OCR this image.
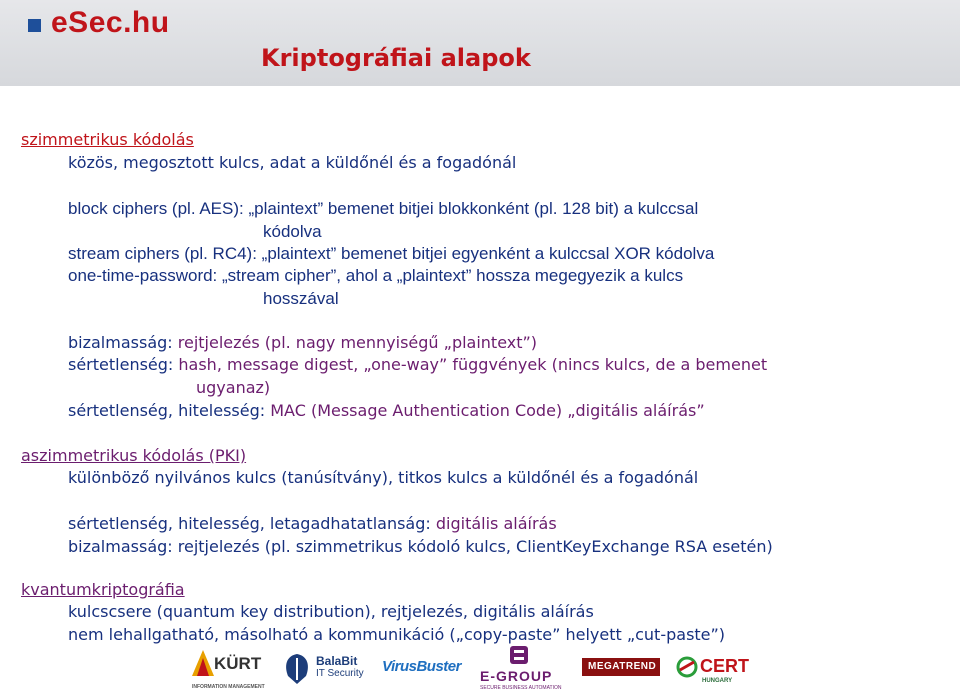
eSec.hu
Kriptográfiai alapok
szimmetrikus kódolás
közös, megosztott kulcs, adat a küldőnél és a fogadónál
block ciphers (pl. AES): „plaintext” bemenet bitjei blokkonként (pl. 128 bit) a kulccsal
kódolva
stream ciphers (pl. RC4): „plaintext” bemenet bitjei egyenként a kulccsal XOR kódolva
one-time-password: „stream cipher”, ahol a „plaintext” hossza megegyezik a kulcs
hosszával
bizalmasság: rejtjelezés (pl. nagy mennyiségű „plaintext”)
sértetlenség: hash, message digest, „one-way” függvények (nincs kulcs, de a bemenet
ugyanaz)
sértetlenség, hitelesség: MAC (Message Authentication Code) „digitális aláírás”
aszimmetrikus kódolás (PKI)
különböző nyilvános kulcs (tanúsítvány), titkos kulcs a küldőnél és a fogadónál
sértetlenség, hitelesség, letagadhatatlanság: digitális aláírás
bizalmasság: rejtjelezés (pl. szimmetrikus kódoló kulcs, ClientKeyExchange RSA esetén)
kvantumkriptográfia
kulcscsere (quantum key distribution), rejtjelezés, digitális aláírás
nem lehallgatható, másolható a kommunikáció („copy-paste” helyett „cut-paste”)
KÜRT
INFORMATION MANAGEMENT
BalaBit
IT Security VirusBuster
E-GROUP
SECURE BUSINESS AUTOMATION
MEGATREND CERT
HUNGARY
